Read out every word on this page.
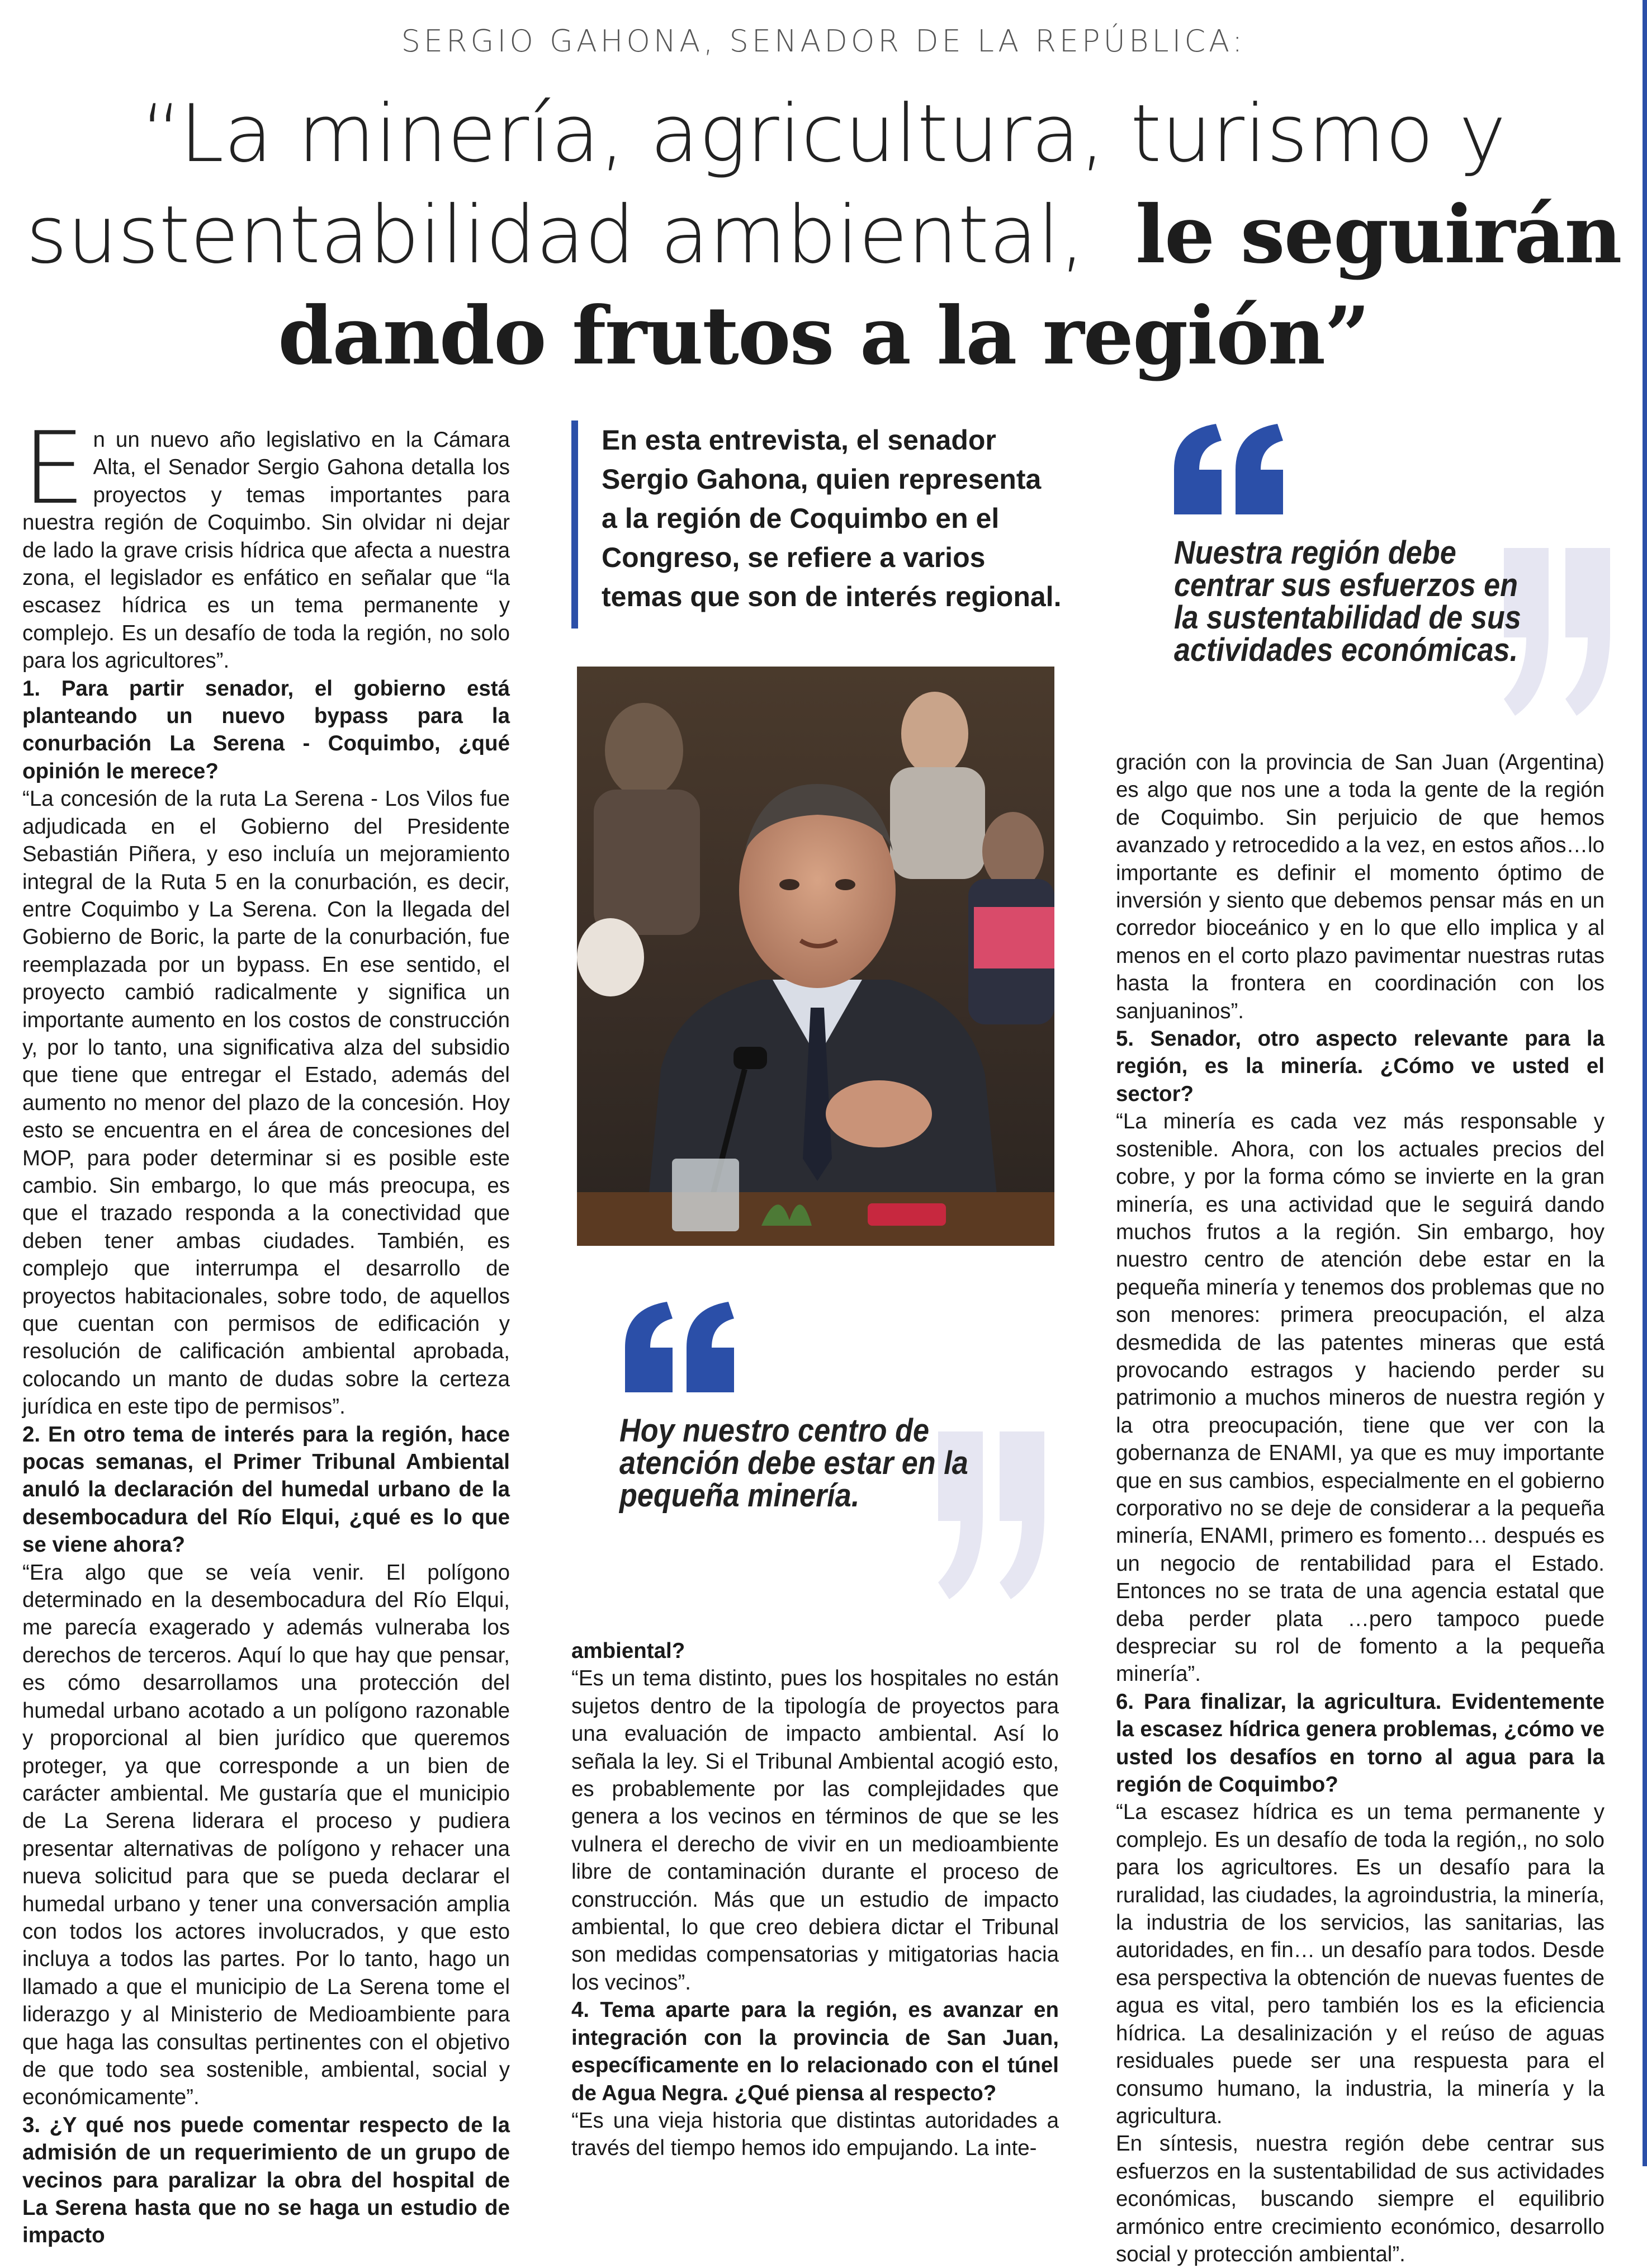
SERGIO GAHONA, SENADOR DE LA REPÚBLICA:
“La minería, agricultura, turismo y
sustentabilidad ambiental, le seguirán
dando frutos a la región”

En un nuevo año legislativo en la Cámara Alta, el Senador Sergio Gahona detalla los proyectos y temas importantes para nuestra región de Coquimbo. Sin olvidar ni dejar de lado la grave crisis hídrica que afecta a nuestra zona, el legislador es enfático en señalar que “la escasez hídrica es un tema permanente y complejo. Es un desafío de toda la región, no solo para los agricultores”.

1. Para partir senador, el gobierno está planteando un nuevo bypass para la conurbación La Serena - Coquimbo, ¿qué opinión le merece?

“La concesión de la ruta La Serena - Los Vilos fue adjudicada en el Gobierno del Presidente Sebastián Piñera, y eso incluía un mejoramiento integral de la Ruta 5 en la conurbación, es decir, entre Coquimbo y La Serena. Con la llegada del Gobierno de Boric, la parte de la conurbación, fue reemplazada por un bypass. En ese sentido, el proyecto cambió radicalmente y significa un importante aumento en los costos de construcción y, por lo tanto, una significativa alza del subsidio que tiene que entregar el Estado, además del aumento no menor del plazo de la concesión. Hoy esto se encuentra en el área de concesiones del MOP, para poder determinar si es posible este cambio. Sin embargo, lo que más preocupa, es que el trazado responda a la conectividad que deben tener ambas ciudades. También, es complejo que interrumpa el desarrollo de proyectos habitacionales, sobre todo, de aquellos que cuentan con permisos de edificación y resolución de calificación ambiental aprobada, colocando un manto de dudas sobre la certeza jurídica en este tipo de permisos”.

2. En otro tema de interés para la región, hace pocas semanas, el Primer Tribunal Ambiental anuló la declaración del humedal urbano de la desembocadura del Río Elqui, ¿qué es lo que se viene ahora?

“Era algo que se veía venir. El polígono determinado en la desembocadura del Río Elqui, me parecía exagerado y además vulneraba los derechos de terceros. Aquí lo que hay que pensar, es cómo desarrollamos una protección del humedal urbano acotado a un polígono razonable y proporcional al bien jurídico que queremos proteger, ya que corresponde a un bien de carácter ambiental. Me gustaría que el municipio de La Serena liderara el proceso y pudiera presentar alternativas de polígono y rehacer una nueva solicitud para que se pueda declarar el humedal urbano y tener una conversación amplia con todos los actores involucrados, y que esto incluya a todos las partes. Por lo tanto, hago un llamado a que el municipio de La Serena tome el liderazgo y al Ministerio de Medioambiente para que haga las consultas pertinentes con el objetivo de que todo sea sostenible, ambiental, social y económicamente”.

3. ¿Y qué nos puede comentar respecto de la admisión de un requerimiento de un grupo de vecinos para paralizar la obra del hospital de La Serena hasta que no se haga un estudio de impacto

En esta entrevista, el senador Sergio Gahona, quien representa a la región de Coquimbo en el Congreso, se refiere a varios temas que son de interés regional.

Nuestra región debe centrar sus esfuerzos en la sustentabilidad de sus actividades económicas.
Hoy nuestro centro de atención debe estar en la pequeña minería.

ambiental?

“Es un tema distinto, pues los hospitales no están sujetos dentro de la tipología de proyectos para una evaluación de impacto ambiental. Así lo señala la ley. Si el Tribunal Ambiental acogió esto, es probablemente por las complejidades que genera a los vecinos en términos de que se les vulnera el derecho de vivir en un medioambiente libre de contaminación durante el proceso de construcción. Más que un estudio de impacto ambiental, lo que creo debiera dictar el Tribunal son medidas compensatorias y mitigatorias hacia los vecinos”.

4. Tema aparte para la región, es avanzar en integración con la provincia de San Juan, específicamente en lo relacionado con el túnel de Agua Negra. ¿Qué piensa al respecto?

“Es una vieja historia que distintas autoridades a través del tiempo hemos ido empujando. La inte-

gración con la provincia de San Juan (Argentina) es algo que nos une a toda la gente de la región de Coquimbo. Sin perjuicio de que hemos avanzado y retrocedido a la vez, en estos años…lo importante es definir el momento óptimo de inversión y siento que debemos pensar más en un corredor bioceánico y en lo que ello implica y al menos en el corto plazo pavimentar nuestras rutas hasta la frontera en coordinación con los sanjuaninos”.

5. Senador, otro aspecto relevante para la región, es la minería. ¿Cómo ve usted el sector?

“La minería es cada vez más responsable y sostenible. Ahora, con los actuales precios del cobre, y por la forma cómo se invierte en la gran minería, es una actividad que le seguirá dando muchos frutos a la región. Sin embargo, hoy nuestro centro de atención debe estar en la pequeña minería y tenemos dos problemas que no son menores: primera preocupación, el alza desmedida de las patentes mineras que está provocando estragos y haciendo perder su patrimonio a muchos mineros de nuestra región y la otra preocupación, tiene que ver con la gobernanza de ENAMI, ya que es muy importante que en sus cambios, especialmente en el gobierno corporativo no se deje de considerar a la pequeña minería, ENAMI, primero es fomento… después es un negocio de rentabilidad para el Estado. Entonces no se trata de una agencia estatal que deba perder plata …pero tampoco puede despreciar su rol de fomento a la pequeña minería”.

6. Para finalizar, la agricultura. Evidentemente la escasez hídrica genera problemas, ¿cómo ve usted los desafíos en torno al agua para la región de Coquimbo?

“La escasez hídrica es un tema permanente y complejo. Es un desafío de toda la región,, no solo para los agricultores. Es un desafío para la ruralidad, las ciudades, la agroindustria, la minería, la industria de los servicios, las sanitarias, las autoridades, en fin… un desafío para todos. Desde esa perspectiva la obtención de nuevas fuentes de agua es vital, pero también los es la eficiencia hídrica. La desalinización y el reúso de aguas residuales puede ser una respuesta para el consumo humano, la industria, la minería y la agricultura.

En síntesis, nuestra región debe centrar sus esfuerzos en la sustentabilidad de sus actividades económicas, buscando siempre el equilibrio armónico entre crecimiento económico, desarrollo social y protección ambiental”.
